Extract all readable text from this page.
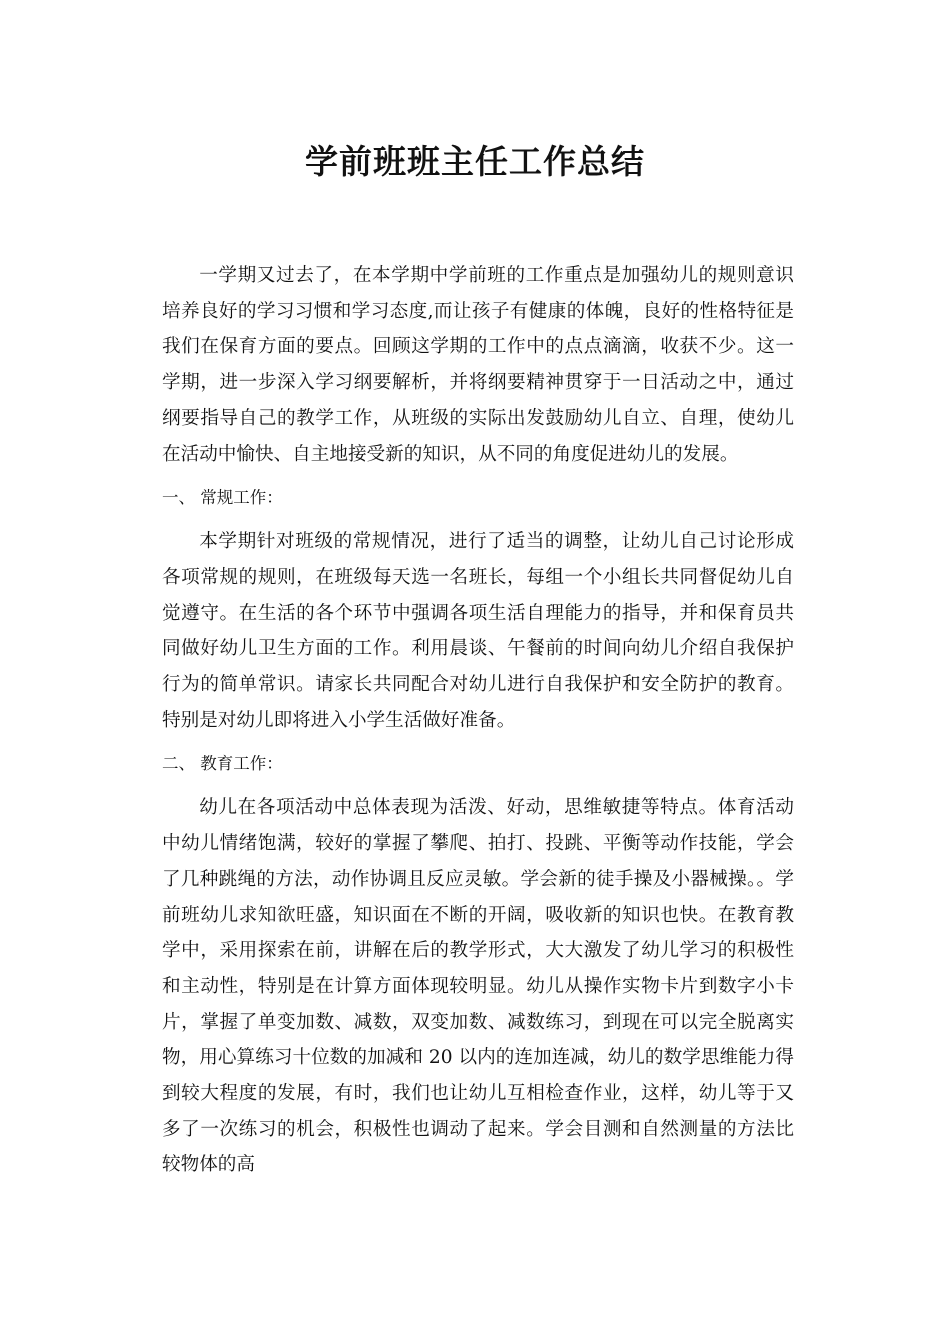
学前班班主任工作总结

一学期又过去了，在本学期中学前班的工作重点是加强幼儿的规则意识培养良好的学习习惯和学习态度,而让孩子有健康的体魄，良好的性格特征是我们在保育方面的要点。回顾这学期的工作中的点点滴滴，收获不少。这一学期，进一步深入学习纲要解析，并将纲要精神贯穿于一日活动之中，通过纲要指导自己的教学工作，从班级的实际出发鼓励幼儿自立、自理，使幼儿在活动中愉快、自主地接受新的知识，从不同的角度促进幼儿的发展。

一、 常规工作：

本学期针对班级的常规情况，进行了适当的调整，让幼儿自己讨论形成各项常规的规则，在班级每天选一名班长，每组一个小组长共同督促幼儿自觉遵守。在生活的各个环节中强调各项生活自理能力的指导，并和保育员共同做好幼儿卫生方面的工作。利用晨谈、午餐前的时间向幼儿介绍自我保护行为的简单常识。请家长共同配合对幼儿进行自我保护和安全防护的教育。特别是对幼儿即将进入小学生活做好准备。

二、 教育工作：

幼儿在各项活动中总体表现为活泼、好动，思维敏捷等特点。体育活动中幼儿情绪饱满，较好的掌握了攀爬、拍打、投跳、平衡等动作技能，学会了几种跳绳的方法，动作协调且反应灵敏。学会新的徒手操及小器械操。。学前班幼儿求知欲旺盛，知识面在不断的开阔，吸收新的知识也快。在教育教学中，采用探索在前，讲解在后的教学形式，大大激发了幼儿学习的积极性和主动性，特别是在计算方面体现较明显。幼儿从操作实物卡片到数字小卡片，掌握了单变加数、减数，双变加数、减数练习，到现在可以完全脱离实物，用心算练习十位数的加减和 20 以内的连加连减，幼儿的数学思维能力得到较大程度的发展，有时，我们也让幼儿互相检查作业，这样，幼儿等于又多了一次练习的机会，积极性也调动了起来。学会目测和自然测量的方法比较物体的高
